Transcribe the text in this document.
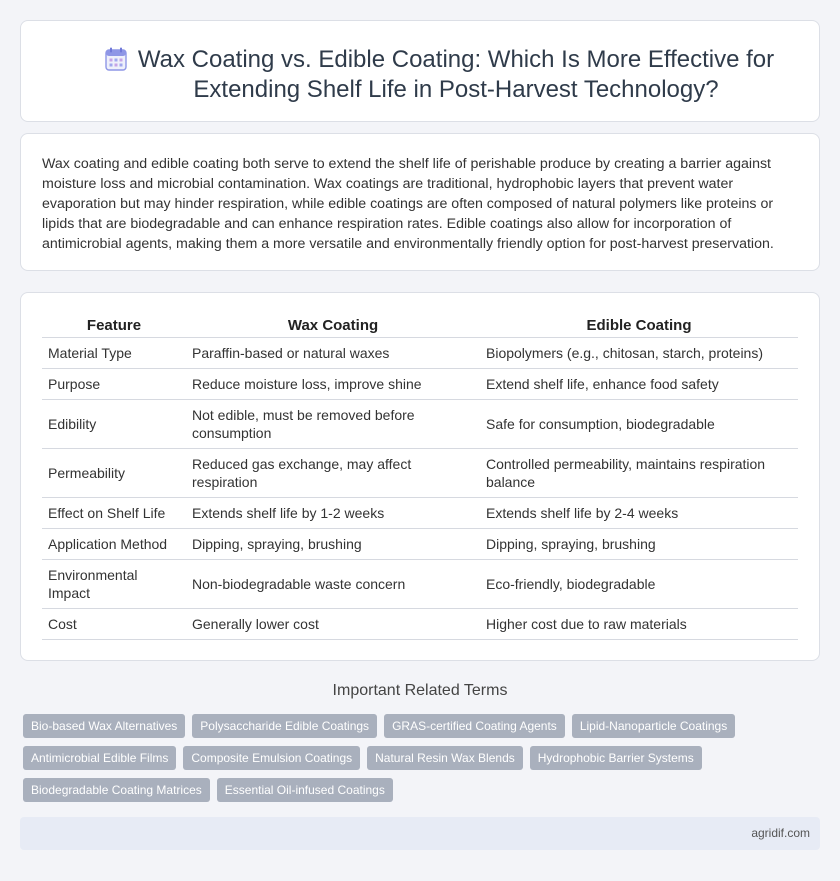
Wax Coating vs. Edible Coating: Which Is More Effective for Extending Shelf Life in Post-Harvest Technology?
Wax coating and edible coating both serve to extend the shelf life of perishable produce by creating a barrier against moisture loss and microbial contamination. Wax coatings are traditional, hydrophobic layers that prevent water evaporation but may hinder respiration, while edible coatings are often composed of natural polymers like proteins or lipids that are biodegradable and can enhance respiration rates. Edible coatings also allow for incorporation of antimicrobial agents, making them a more versatile and environmentally friendly option for post-harvest preservation.
Feature	Wax Coating	Edible Coating
Material Type	Paraffin-based or natural waxes	Biopolymers (e.g., chitosan, starch, proteins)
Purpose	Reduce moisture loss, improve shine	Extend shelf life, enhance food safety
Edibility	Not edible, must be removed before consumption	Safe for consumption, biodegradable
Permeability	Reduced gas exchange, may affect respiration	Controlled permeability, maintains respiration balance
Effect on Shelf Life	Extends shelf life by 1-2 weeks	Extends shelf life by 2-4 weeks
Application Method	Dipping, spraying, brushing	Dipping, spraying, brushing
Environmental Impact	Non-biodegradable waste concern	Eco-friendly, biodegradable
Cost	Generally lower cost	Higher cost due to raw materials
Important Related Terms
Bio-based Wax Alternatives	Polysaccharide Edible Coatings	GRAS-certified Coating Agents	Lipid-Nanoparticle Coatings
Antimicrobial Edible Films	Composite Emulsion Coatings	Natural Resin Wax Blends	Hydrophobic Barrier Systems
Biodegradable Coating Matrices	Essential Oil-infused Coatings
agridif.com
